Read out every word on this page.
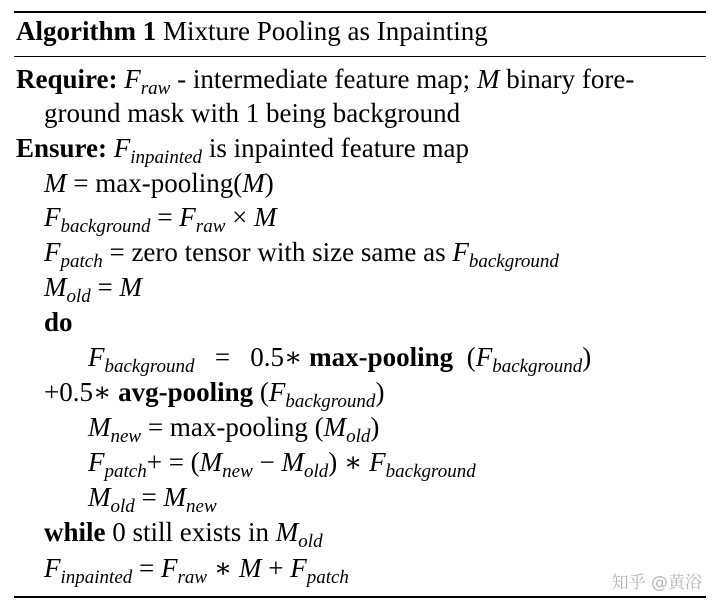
Algorithm 1 Mixture Pooling as Inpainting
Require: $F_{raw}$ - intermediate feature map; M binary fore-
ground mask with 1 being background
Ensure: $F_{inpainted}$ is inpainted feature map
M = max-pooling(M)
$F_{background} = F_{raw} \times M$
$F_{patch}$ = zero tensor with size same as $F_{background}$
$M_{old} = M$
do
$F_{background}$   =   0.5∗ max-pooling  $(F_{background})$
+0.5∗ avg-pooling $(F_{background})$
$M_{new}$ = max-pooling $(M_{old})$
$F_{patch}+ = (M_{new} - M_{old})$ ∗ $F_{background}$
$M_{old} = M_{new}$
while 0 still exists in $M_{old}$
$F_{inpainted} = F_{raw}$ ∗ $M + F_{patch}$	知乎 @黄浴
